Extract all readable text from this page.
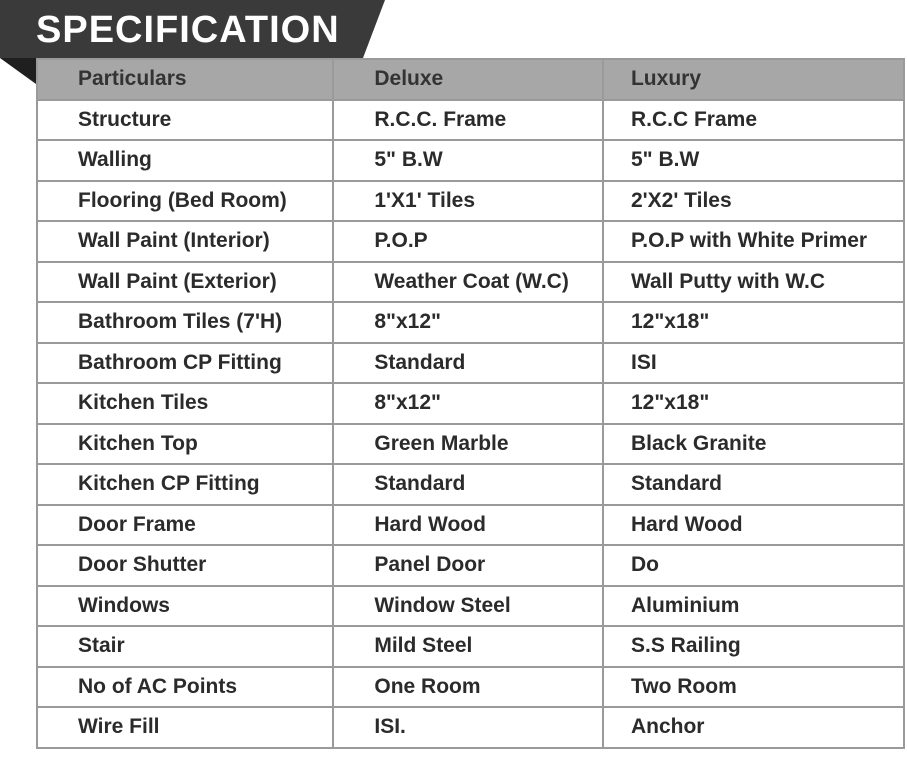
SPECIFICATION
Particulars	Deluxe	Luxury
Structure	R.C.C. Frame	R.C.C Frame
Walling	5" B.W	5" B.W
Flooring (Bed Room)	1'X1' Tiles	2'X2' Tiles
Wall Paint (Interior)	P.O.P	P.O.P with White Primer
Wall Paint (Exterior)	Weather Coat (W.C)	Wall Putty with W.C
Bathroom Tiles (7'H)	8"x12"	12"x18"
Bathroom CP Fitting	Standard	ISI
Kitchen Tiles	8"x12"	12"x18"
Kitchen Top	Green Marble	Black Granite
Kitchen CP Fitting	Standard	Standard
Door Frame	Hard Wood	Hard Wood
Door Shutter	Panel Door	Do
Windows	Window Steel	Aluminium
Stair	Mild Steel	S.S Railing
No of AC Points	One Room	Two Room
Wire Fill	ISI.	Anchor
